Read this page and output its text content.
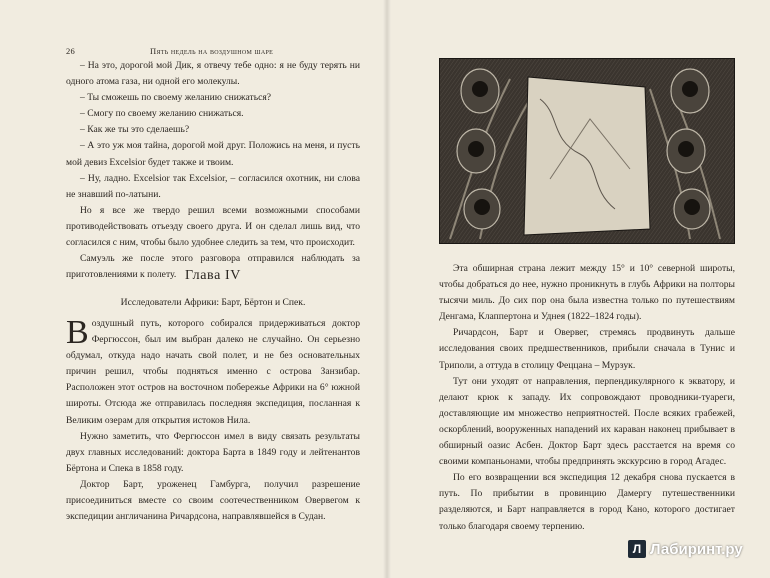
26	Пять недель на воздушном шаре

– На это, дорогой мой Дик, я отвечу тебе одно: я не буду терять ни одного атома газа, ни одной его молекулы.

– Ты сможешь по своему желанию снижаться?

– Смогу по своему желанию снижаться.

– Как же ты это сделаешь?

– А это уж моя тайна, дорогой мой друг. Положись на меня, и пусть мой девиз Excelsior будет также и твоим.

– Ну, ладно. Excelsior так Excelsior, – согласился охотник, ни слова не знавший по-латыни.

Но я все же твердо решил всеми возможными способами противодействовать отъезду своего друга. И он сделал лишь вид, что согласился с ним, чтобы было удобнее следить за тем, что происходит.

Самуэль же после этого разговора отправился наблюдать за приготовлениями к полету. Глава IV
Исследователи Африки: Барт, Бёртон и Спек.

Воздушный путь, которого собирался придерживаться доктор Фергюссон, был им выбран далеко не случайно. Он серьезно обдумал, откуда надо начать свой полет, и не без основательных причин решил, чтобы подняться именно с острова Занзибар. Расположен этот остров на восточном побережье Африки на 6° южной широты. Отсюда же отправилась последняя экспедиция, посланная к Великим озерам для открытия истоков Нила.

Нужно заметить, что Фергюссон имел в виду связать результаты двух главных исследований: доктора Барта в 1849 году и лейтенантов Бёртона и Спека в 1858 году.

Доктор Барт, уроженец Гамбурга, получил разрешение присоединиться вместе со своим соотечественником Овервегом к экспедиции англичанина Ричардсона, направлявшейся в Судан.

Эта обширная страна лежит между 15° и 10° северной широты, чтобы добраться до нее, нужно проникнуть в глубь Африки на полторы тысячи миль. До сих пор она была известна только по путешествиям Денгама, Клаппертона и Уднея (1822–1824 годы).

Ричардсон, Барт и Овервег, стремясь продвинуть дальше исследования своих предшественников, прибыли сначала в Тунис и Триполи, а оттуда в столицу Феццана – Мурзук.

Тут они уходят от направления, перпендикулярного к экватору, и делают крюк к западу. Их сопровождают проводники-туареги, доставляющие им множество неприятностей. После всяких грабежей, оскорблений, вооруженных нападений их караван наконец прибывает в обширный оазис Асбен. Доктор Барт здесь расстается на время со своими компаньонами, чтобы предпринять экскурсию в город Агадес.

По его возвращении вся экспедиция 12 декабря снова пускается в путь. По прибытии в провинцию Дамергу путешественники разделяются, и Барт направляется в город Кано, которого достигает только благодаря своему терпению.

Л Лабиринт.ру
